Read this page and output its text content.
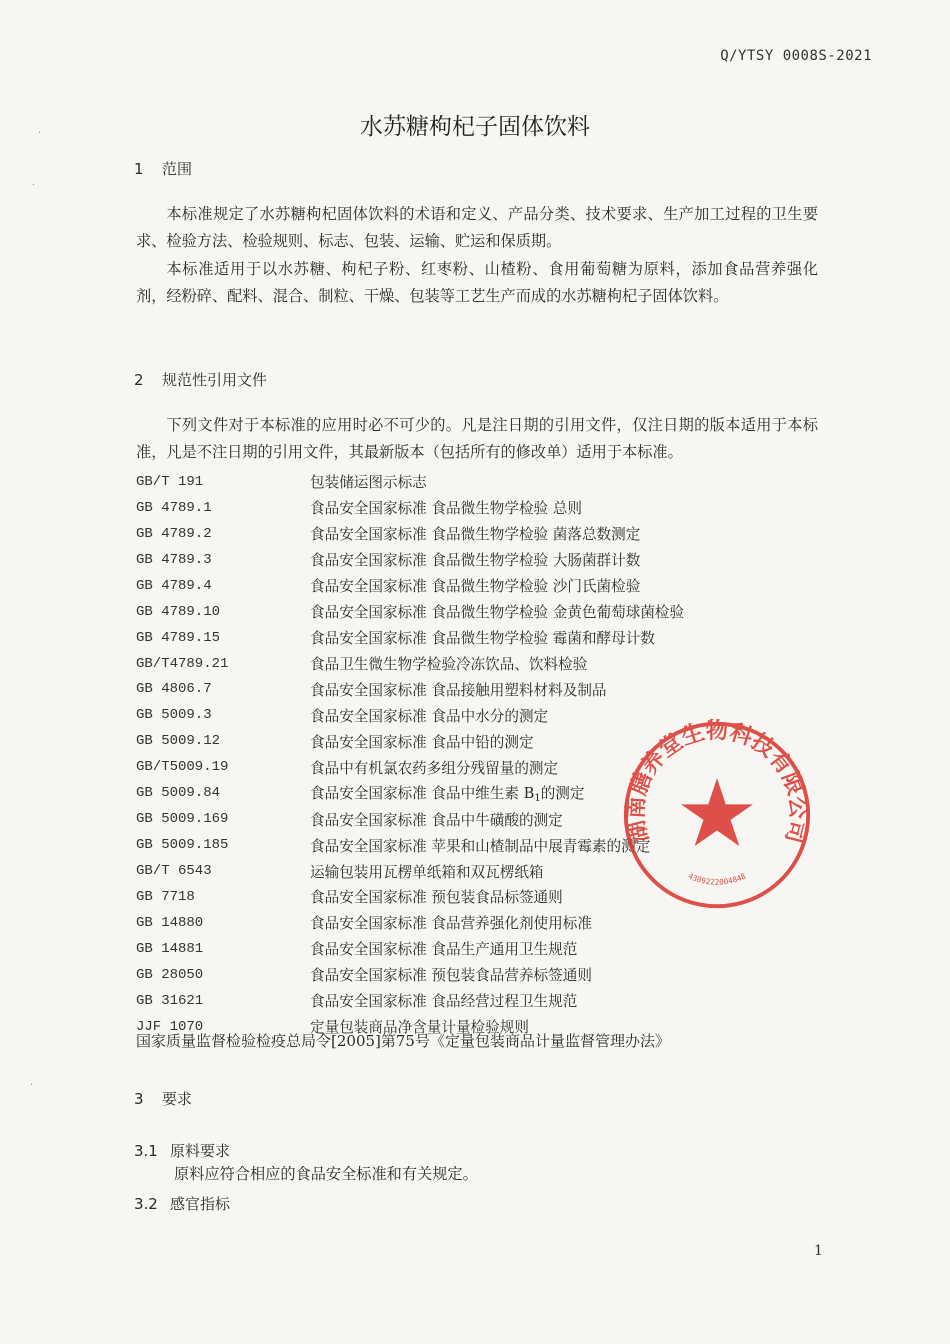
Q/YTSY 0008S-2021
水苏糖枸杞子固体饮料
1 范围

本标准规定了水苏糖枸杞固体饮料的术语和定义、产品分类、技术要求、生产加工过程的卫生要求、检验方法、检验规则、标志、包装、运输、贮运和保质期。

本标准适用于以水苏糖、枸杞子粉、红枣粉、山楂粉、食用葡萄糖为原料，添加食品营养强化剂，经粉碎、配料、混合、制粒、干燥、包装等工艺生产而成的水苏糖枸杞子固体饮料。

2 规范性引用文件

下列文件对于本标准的应用时必不可少的。凡是注日期的引用文件，仅注日期的版本适用于本标准，凡是不注日期的引用文件，其最新版本（包括所有的修改单）适用于本标准。

GB/T 191	包装储运图示标志
GB 4789.1	食品安全国家标准 食品微生物学检验 总则
GB 4789.2	食品安全国家标准 食品微生物学检验 菌落总数测定
GB 4789.3	食品安全国家标准 食品微生物学检验 大肠菌群计数
GB 4789.4	食品安全国家标准 食品微生物学检验 沙门氏菌检验
GB 4789.10	食品安全国家标准 食品微生物学检验 金黄色葡萄球菌检验
GB 4789.15	食品安全国家标准 食品微生物学检验 霉菌和酵母计数
GB/T4789.21	食品卫生微生物学检验冷冻饮品、饮料检验
GB 4806.7	食品安全国家标准 食品接触用塑料材料及制品
GB 5009.3	食品安全国家标准 食品中水分的测定
GB 5009.12	食品安全国家标准 食品中铅的测定
GB/T5009.19	食品中有机氯农药多组分残留量的测定
GB 5009.84	食品安全国家标准 食品中维生素 $B_1$的测定
GB 5009.169	食品安全国家标准 食品中牛磺酸的测定
GB 5009.185	食品安全国家标准 苹果和山楂制品中展青霉素的测定
GB/T 6543	运输包装用瓦楞单纸箱和双瓦楞纸箱
GB 7718	食品安全国家标准 预包装食品标签通则
GB 14880	食品安全国家标准 食品营养强化剂使用标准
GB 14881	食品安全国家标准 食品生产通用卫生规范
GB 28050	食品安全国家标准 预包装食品营养标签通则
GB 31621	食品安全国家标准 食品经营过程卫生规范
JJF 1070	定量包装商品净含量计量检验规则
国家质量监督检验检疫总局令[2005]第75号《定量包装商品计量监督管理办法》
3 要求
3.1 原料要求
原料应符合相应的食品安全标准和有关规定。
3.2 感官指标
1
湖南膳养堂生物科技有限公司
4309222004848
·
·
·
